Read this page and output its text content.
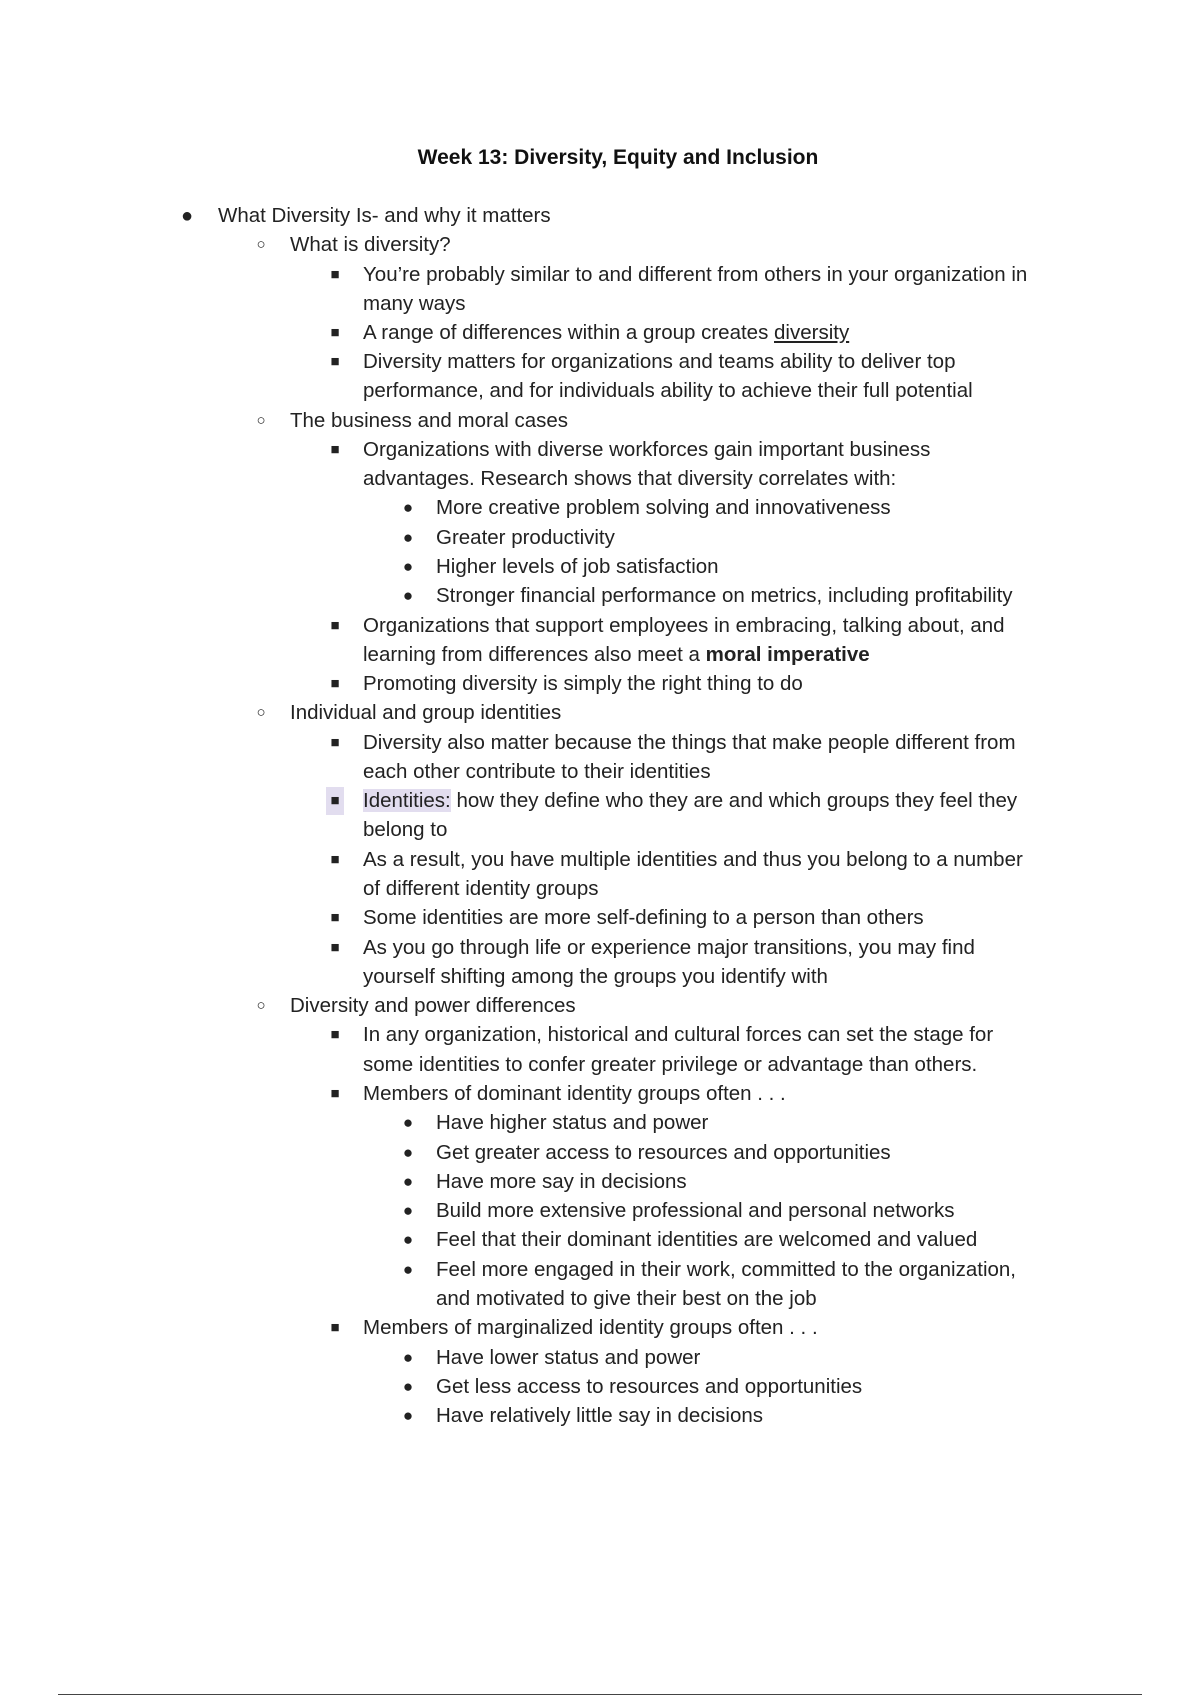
Week 13: Diversity, Equity and Inclusion
● What Diversity Is- and why it matters
○ What is diversity?
■ You’re probably similar to and different from others in your organization in
many ways
■ A range of differences within a group creates diversity
■ Diversity matters for organizations and teams ability to deliver top
performance, and for individuals ability to achieve their full potential
○ The business and moral cases
■ Organizations with diverse workforces gain important business
advantages. Research shows that diversity correlates with:
● More creative problem solving and innovativeness
● Greater productivity
● Higher levels of job satisfaction
● Stronger financial performance on metrics, including profitability
■ Organizations that support employees in embracing, talking about, and
learning from differences also meet a moral imperative
■ Promoting diversity is simply the right thing to do
○ Individual and group identities
■ Diversity also matter because the things that make people different from
each other contribute to their identities
■ Identities: how they define who they are and which groups they feel they
belong to
■ As a result, you have multiple identities and thus you belong to a number
of different identity groups
■ Some identities are more self-defining to a person than others
■ As you go through life or experience major transitions, you may find
yourself shifting among the groups you identify with
○ Diversity and power differences
■ In any organization, historical and cultural forces can set the stage for
some identities to confer greater privilege or advantage than others.
■ Members of dominant identity groups often . . .
● Have higher status and power
● Get greater access to resources and opportunities
● Have more say in decisions
● Build more extensive professional and personal networks
● Feel that their dominant identities are welcomed and valued
● Feel more engaged in their work, committed to the organization,
and motivated to give their best on the job
■ Members of marginalized identity groups often . . .
● Have lower status and power
● Get less access to resources and opportunities
● Have relatively little say in decisions
